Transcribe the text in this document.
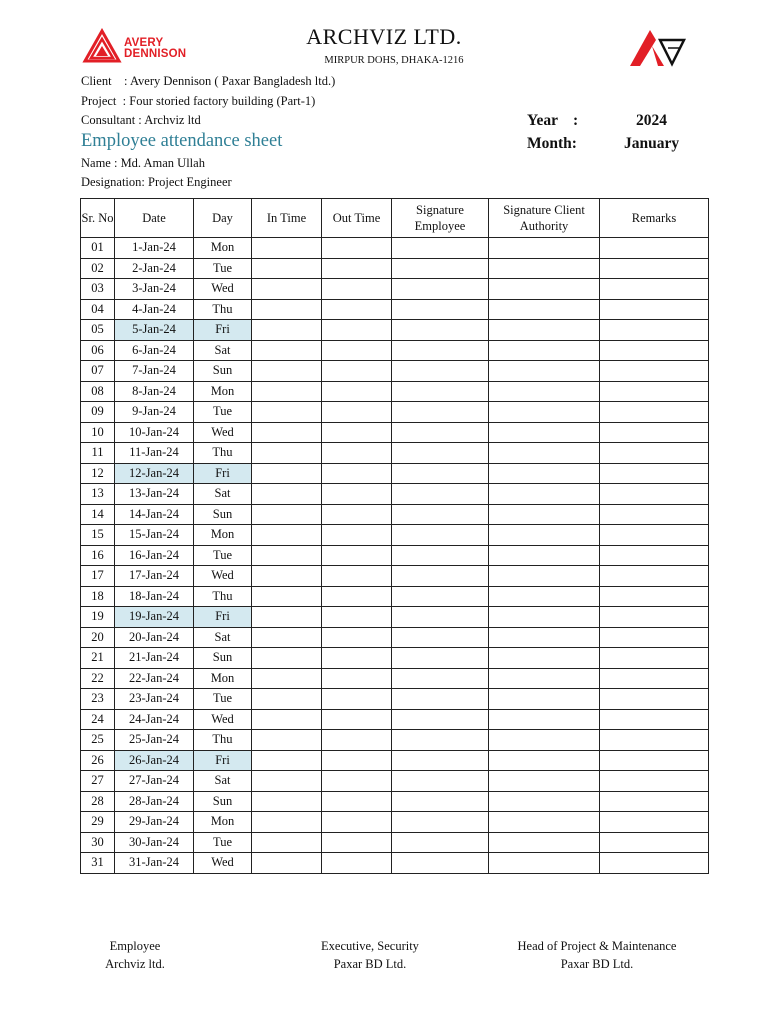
AVERY
DENNISON
ARCHVIZ LTD.
MIRPUR DOHS, DHAKA-1216
Client    : Avery Dennison ( Paxar Bangladesh ltd.)
Project  : Four storied factory building (Part-1)
Consultant : Archviz ltd
Employee attendance sheet
Name : Md. Aman Ullah
Designation: Project Engineer
Year :	2024
Month:	January
Sr. No	Date	Day	In Time	Out Time	Signature Employee	Signature Client Authority	Remarks
01	1-Jan-24	Mon					
02	2-Jan-24	Tue					
03	3-Jan-24	Wed					
04	4-Jan-24	Thu					
05	5-Jan-24	Fri					
06	6-Jan-24	Sat					
07	7-Jan-24	Sun					
08	8-Jan-24	Mon					
09	9-Jan-24	Tue					
10	10-Jan-24	Wed					
11	11-Jan-24	Thu					
12	12-Jan-24	Fri					
13	13-Jan-24	Sat					
14	14-Jan-24	Sun					
15	15-Jan-24	Mon					
16	16-Jan-24	Tue					
17	17-Jan-24	Wed					
18	18-Jan-24	Thu					
19	19-Jan-24	Fri					
20	20-Jan-24	Sat					
21	21-Jan-24	Sun					
22	22-Jan-24	Mon					
23	23-Jan-24	Tue					
24	24-Jan-24	Wed					
25	25-Jan-24	Thu					
26	26-Jan-24	Fri					
27	27-Jan-24	Sat					
28	28-Jan-24	Sun					
29	29-Jan-24	Mon					
30	30-Jan-24	Tue					
31	31-Jan-24	Wed					
Employee
Archviz ltd.
Executive, Security
Paxar BD Ltd.
Head of Project & Maintenance
Paxar BD Ltd.
